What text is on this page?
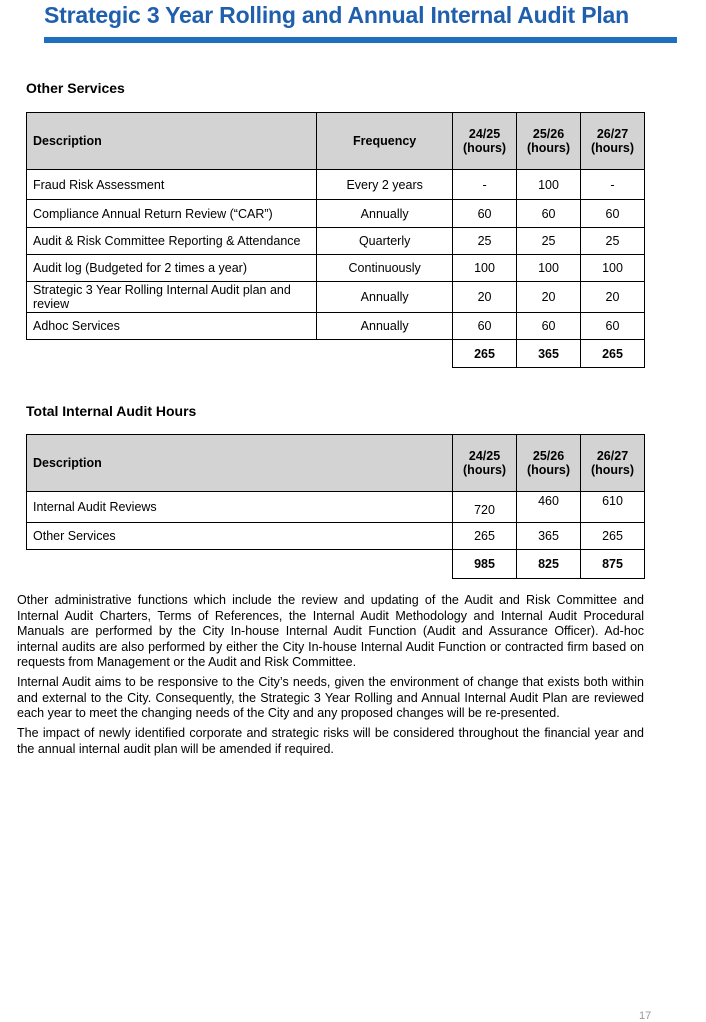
Strategic 3 Year Rolling and Annual Internal Audit Plan
Other Services
Description	Frequency	24/25 (hours)	25/26 (hours)	26/27 (hours)
Fraud Risk Assessment	Every 2 years	-	100	-
Compliance Annual Return Review (“CAR”)	Annually	60	60	60
Audit & Risk Committee Reporting & Attendance	Quarterly	25	25	25
Audit log (Budgeted for 2 times a year)	Continuously	100	100	100
Strategic 3 Year Rolling Internal Audit plan and review	Annually	20	20	20
Adhoc Services	Annually	60	60	60
		265	365	265
Total Internal Audit Hours
Description	24/25 (hours)	25/26 (hours)	26/27 (hours)
Internal Audit Reviews	720	460	610
Other Services	265	365	265
	985	825	875
Other administrative functions which include the review and updating of the Audit and Risk Committee and Internal Audit Charters, Terms of References, the Internal Audit Methodology and Internal Audit Procedural Manuals are performed by the City In-house Internal Audit Function (Audit and Assurance Officer). Ad-hoc internal audits are also performed by either the City In-house Internal Audit Function or contracted firm based on requests from Management or the Audit and Risk Committee.
Internal Audit aims to be responsive to the City’s needs, given the environment of change that exists both within and external to the City. Consequently, the Strategic 3 Year Rolling and Annual Internal Audit Plan are reviewed each year to meet the changing needs of the City and any proposed changes will be re-presented.
The impact of newly identified corporate and strategic risks will be considered throughout the financial year and the annual internal audit plan will be amended if required.
17
